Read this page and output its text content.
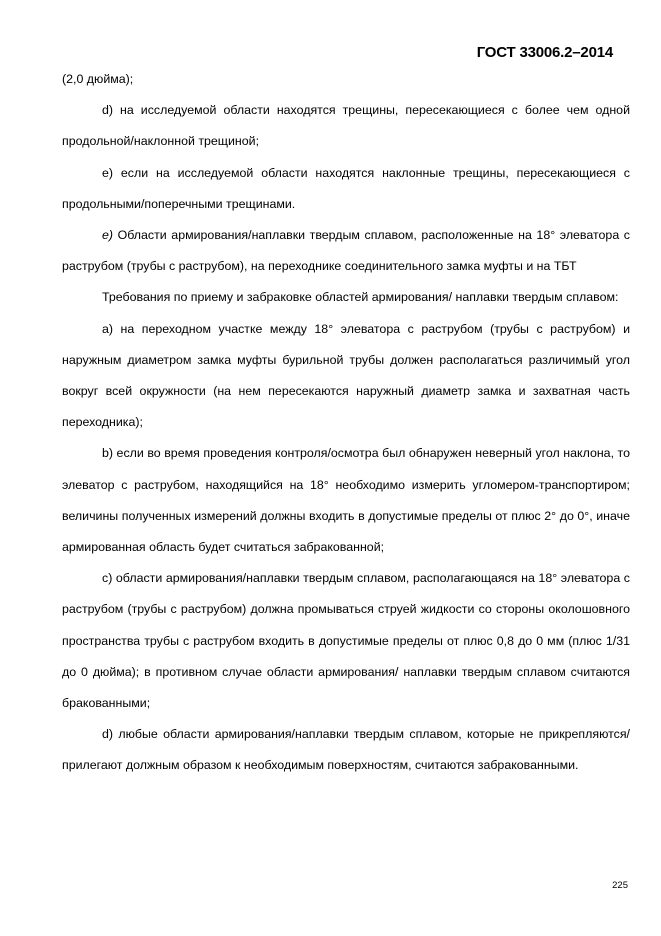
ГОСТ 33006.2–2014

(2,0 дюйма);

d) на исследуемой области находятся трещины, пересекающиеся с более чем одной продольной/наклонной трещиной;

e) если на исследуемой области находятся наклонные трещины, пересекающиеся с продольными/поперечными трещинами.

е) Области армирования/наплавки твердым сплавом, расположенные на 18° элеватора с раструбом (трубы с раструбом), на переходнике соединительного замка муфты и на ТБТ

Требования по приему и забраковке областей армирования/ наплавки твердым сплавом:

а) на переходном участке между 18° элеватора с раструбом (трубы с раструбом) и наружным диаметром замка муфты бурильной трубы должен располагаться различимый угол вокруг всей окружности (на нем пересекаются наружный диаметр замка и захватная часть переходника);

b) если во время проведения контроля/осмотра был обнаружен неверный угол наклона, то элеватор с раструбом, находящийся на 18° необходимо измерить угломером-транспортиром; величины полученных измерений должны входить в допустимые пределы от плюс 2° до 0°, иначе армированная область будет считаться забракованной;

с) области армирования/наплавки твердым сплавом, располагающаяся на 18° элеватора с раструбом (трубы с раструбом) должна промываться струей жидкости со стороны околошовного пространства трубы с раструбом входить в допустимые пределы от плюс 0,8 до 0 мм (плюс 1/31 до 0 дюйма); в противном случае области армирования/ наплавки твердым сплавом считаются бракованными;

d) любые области армирования/наплавки твердым сплавом, которые не прикрепляются/прилегают должным образом к необходимым поверхностям, считаются забракованными.

225
